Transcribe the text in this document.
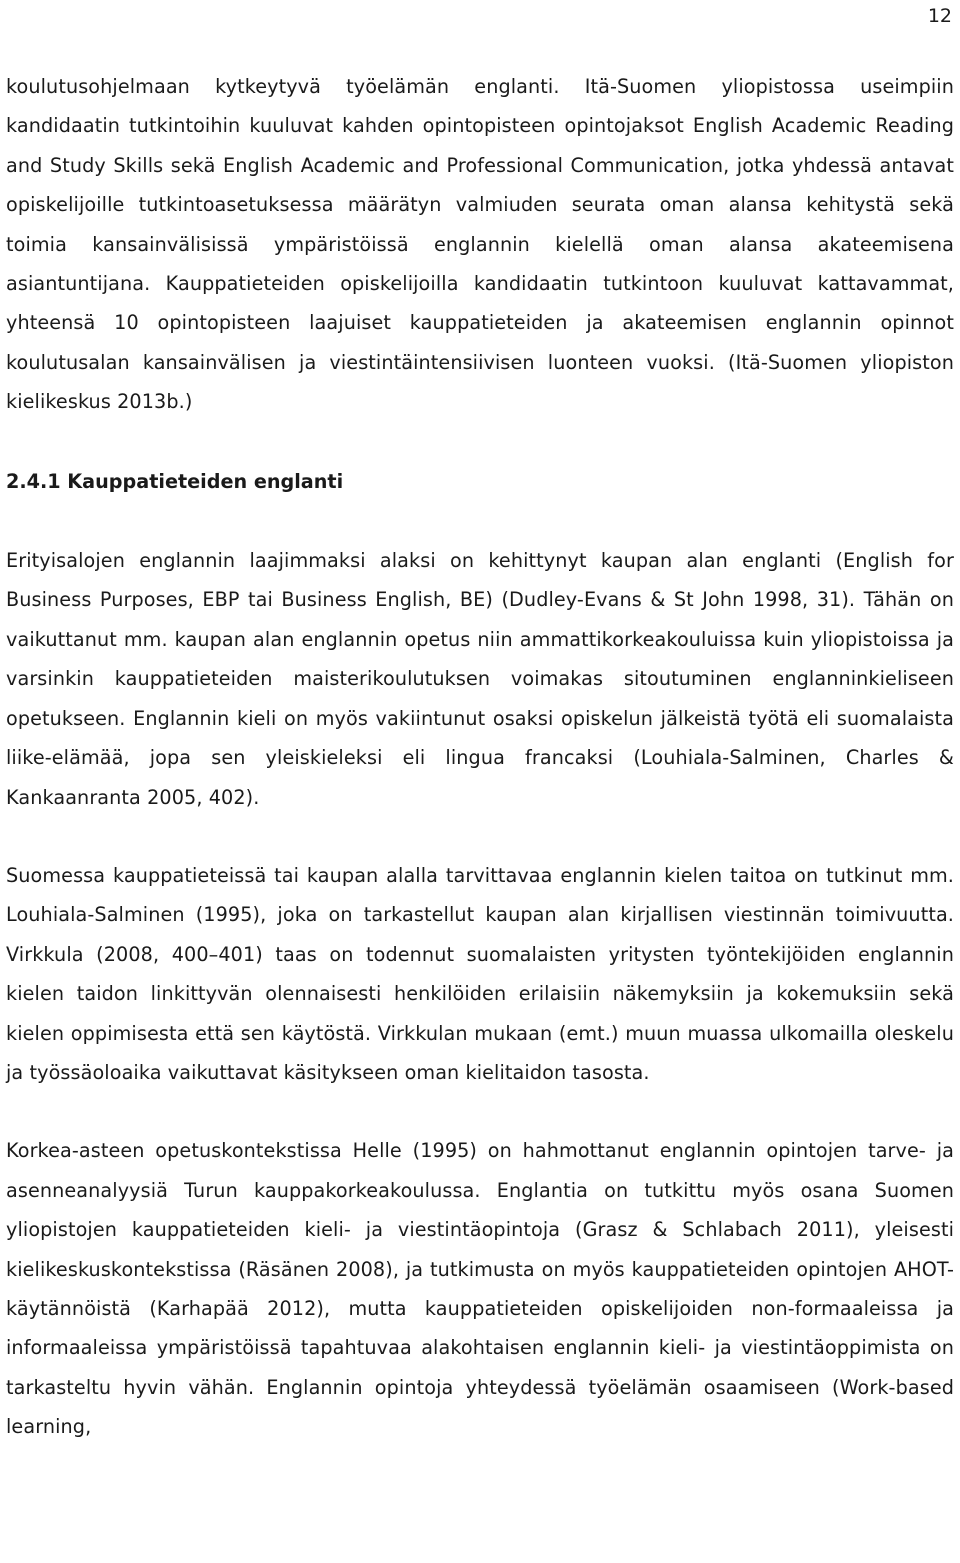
12

koulutusohjelmaan kytkeytyvä työelämän englanti. Itä-Suomen yliopistossa useimpiin kandidaatin tutkintoihin kuuluvat kahden opintopisteen opintojaksot English Academic Reading and Study Skills sekä English Academic and Professional Communication, jotka yhdessä antavat opiskelijoille tutkintoasetuksessa määrätyn valmiuden seurata oman alansa kehitystä sekä toimia kansainvälisissä ympäristöissä englannin kielellä oman alansa akateemisena asiantuntijana. Kauppatieteiden opiskelijoilla kandidaatin tutkintoon kuuluvat kattavammat, yhteensä 10 opintopisteen laajuiset kauppatieteiden ja akateemisen englannin opinnot koulutusalan kansainvälisen ja viestintäintensiivisen luonteen vuoksi. (Itä-Suomen yliopiston kielikeskus 2013b.)

2.4.1 Kauppatieteiden englanti

Erityisalojen englannin laajimmaksi alaksi on kehittynyt kaupan alan englanti (English for Business Purposes, EBP tai Business English, BE) (Dudley-Evans & St John 1998, 31). Tähän on vaikuttanut mm. kaupan alan englannin opetus niin ammattikorkeakouluissa kuin yliopistoissa ja varsinkin kauppatieteiden maisterikoulutuksen voimakas sitoutuminen englanninkieliseen opetukseen. Englannin kieli on myös vakiintunut osaksi opiskelun jälkeistä työtä eli suomalaista liike-elämää, jopa sen yleiskieleksi eli lingua francaksi (Louhiala-Salminen, Charles & Kankaanranta 2005, 402).

Suomessa kauppatieteissä tai kaupan alalla tarvittavaa englannin kielen taitoa on tutkinut mm. Louhiala-Salminen (1995), joka on tarkastellut kaupan alan kirjallisen viestinnän toimivuutta. Virkkula (2008, 400–401) taas on todennut suomalaisten yritysten työntekijöiden englannin kielen taidon linkittyvän olennaisesti henkilöiden erilaisiin näkemyksiin ja kokemuksiin sekä kielen oppimisesta että sen käytöstä. Virkkulan mukaan (emt.) muun muassa ulkomailla oleskelu ja työssäoloaika vaikuttavat käsitykseen oman kielitaidon tasosta.

Korkea-asteen opetuskontekstissa Helle (1995) on hahmottanut englannin opintojen tarve- ja asenneanalyysiä Turun kauppakorkeakoulussa. Englantia on tutkittu myös osana Suomen yliopistojen kauppatieteiden kieli- ja viestintäopintoja (Grasz & Schlabach 2011), yleisesti kielikeskuskontekstissa (Räsänen 2008), ja tutkimusta on myös kauppatieteiden opintojen AHOT-käytännöistä (Karhapää 2012), mutta kauppatieteiden opiskelijoiden non-formaaleissa ja informaaleissa ympäristöissä tapahtuvaa alakohtaisen englannin kieli- ja viestintäoppimista on tarkasteltu hyvin vähän. Englannin opintoja yhteydessä työelämän osaamiseen (Work-based learning,
